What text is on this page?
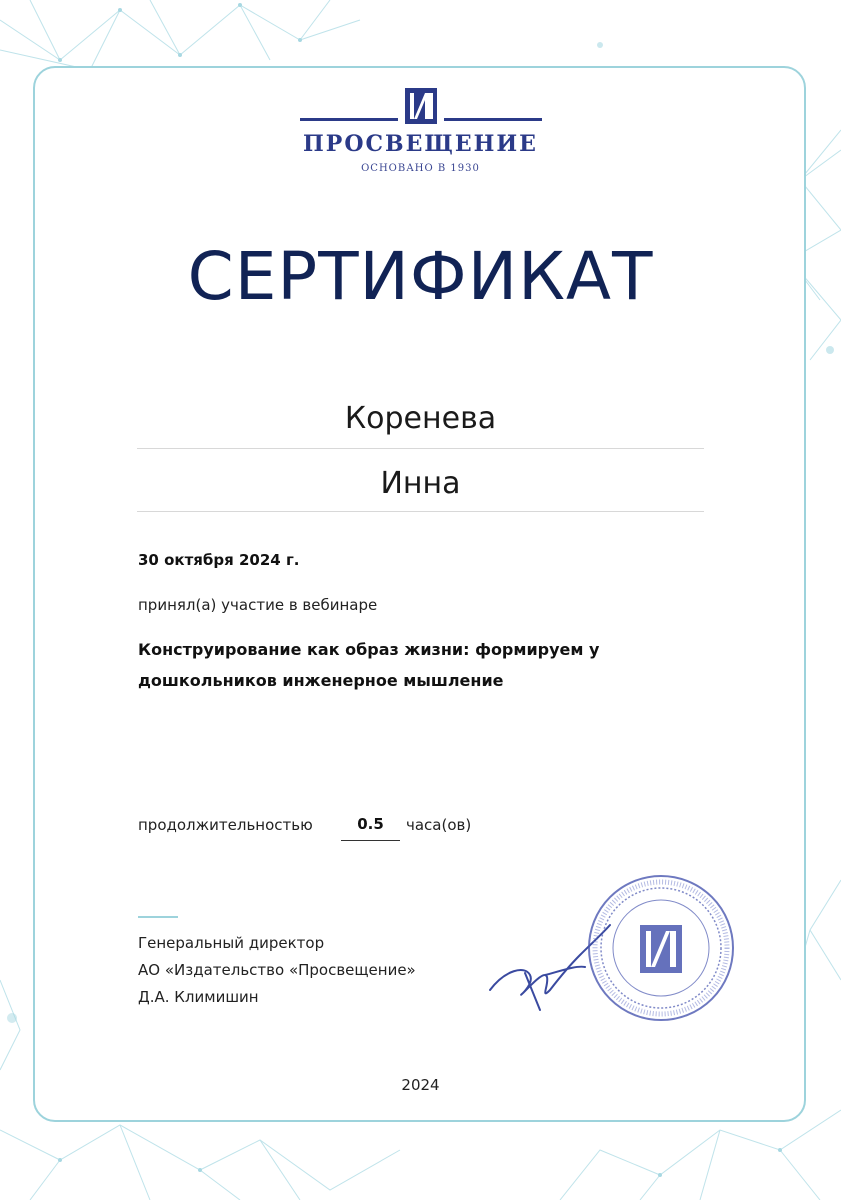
ПРОСВЕЩЕНИЕ
ОСНОВАНО В 1930
СЕРТИФИКАТ
Коренева
Инна
30 октября 2024 г.
принял(а) участие в вебинаре
Конструирование как образ жизни: формируем у дошкольников инженерное мышление
продолжительностью	0.5	часа(ов)
Генеральный директор
АО «Издательство «Просвещение»
Д.А. Климишин
2024
